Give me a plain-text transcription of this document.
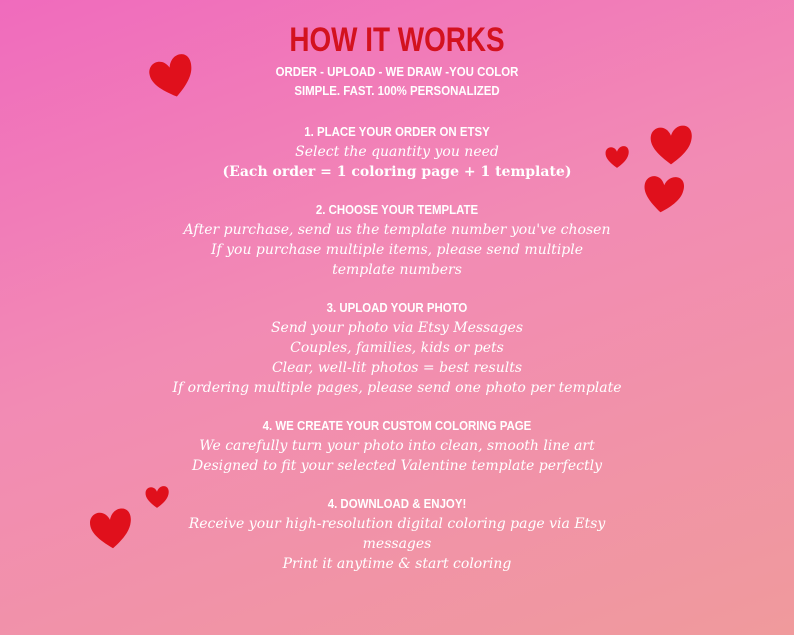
HOW IT WORKS

ORDER - UPLOAD - WE DRAW -YOU COLOR

SIMPLE. FAST. 100% PERSONALIZED

1. PLACE YOUR ORDER ON ETSY

Select the quantity you need

(Each order = 1 coloring page + 1 template)

2. CHOOSE YOUR TEMPLATE

After purchase, send us the template number you've chosen

If you purchase multiple items, please send multiple

template numbers

3. UPLOAD YOUR PHOTO

Send your photo via Etsy Messages

Couples, families, kids or pets

Clear, well-lit photos = best results

If ordering multiple pages, please send one photo per template

4. WE CREATE YOUR CUSTOM COLORING PAGE

We carefully turn your photo into clean, smooth line art

Designed to fit your selected Valentine template perfectly

4. DOWNLOAD & ENJOY!

Receive your high-resolution digital coloring page via Etsy

messages

Print it anytime & start coloring
